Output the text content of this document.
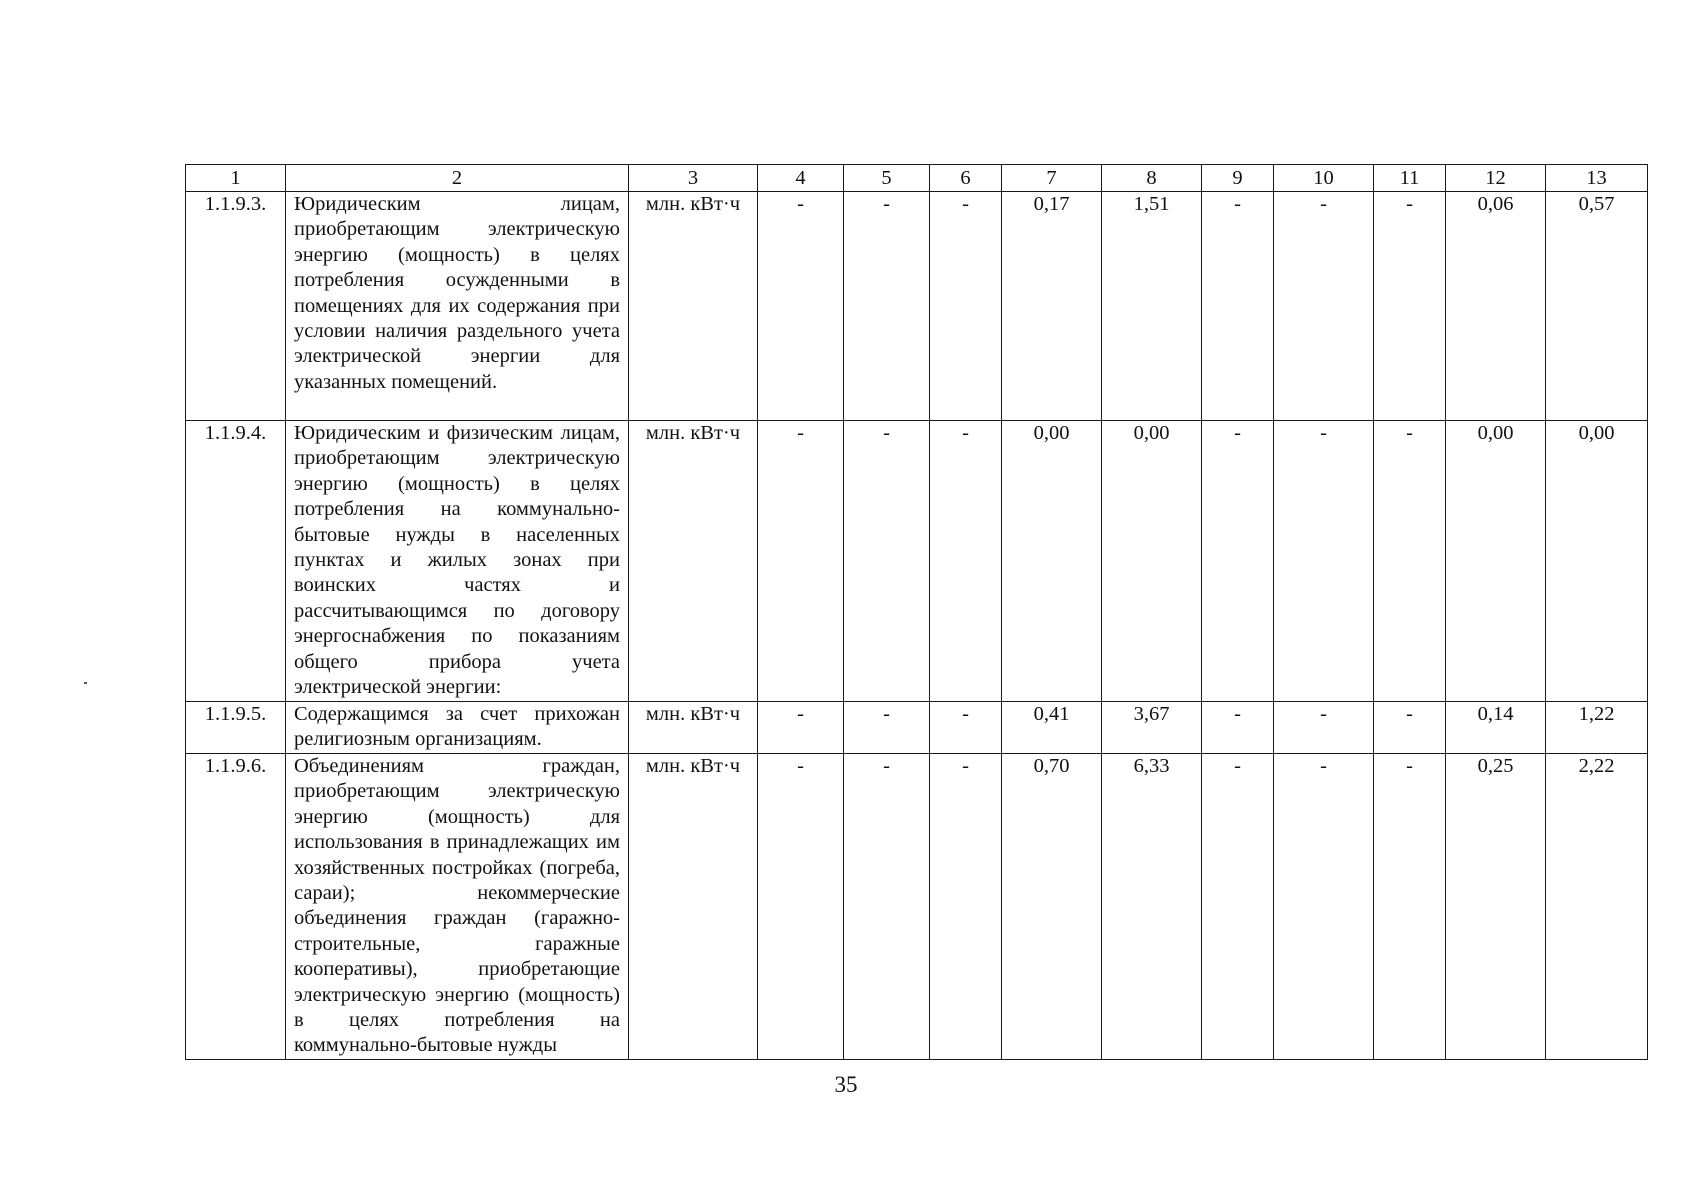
1	2	3	4	5	6	7	8	9	10	11	12	13
1.1.9.3.	Юридическим лицам, приобретающим электрическую энергию (мощность) в целях потребления осужденными в помещениях для их содержания при условии наличия раздельного учета электрической энергии для указанных помещений.	млн. кВт·ч	-	-	-	0,17	1,51	-	-	-	0,06	0,57
1.1.9.4.	Юридическим и физическим лицам, приобретающим электрическую энергию (мощность) в целях потребления на коммунально-бытовые нужды в населенных пунктах и жилых зонах при воинских частях и рассчитывающимся по договору энергоснабжения по показаниям общего прибора учета электрической энергии:	млн. кВт·ч	-	-	-	0,00	0,00	-	-	-	0,00	0,00
1.1.9.5.	Содержащимся за счет прихожан религиозным организациям.	млн. кВт·ч	-	-	-	0,41	3,67	-	-	-	0,14	1,22
1.1.9.6.	Объединениям граждан, приобретающим электрическую энергию (мощность) для использования в принадлежащих им хозяйственных постройках (погреба, сараи); некоммерческие объединения граждан (гаражно-строительные, гаражные кооперативы), приобретающие электрическую энергию (мощность) в целях потребления на коммунально-бытовые нужды	млн. кВт·ч	-	-	-	0,70	6,33	-	-	-	0,25	2,22
35
